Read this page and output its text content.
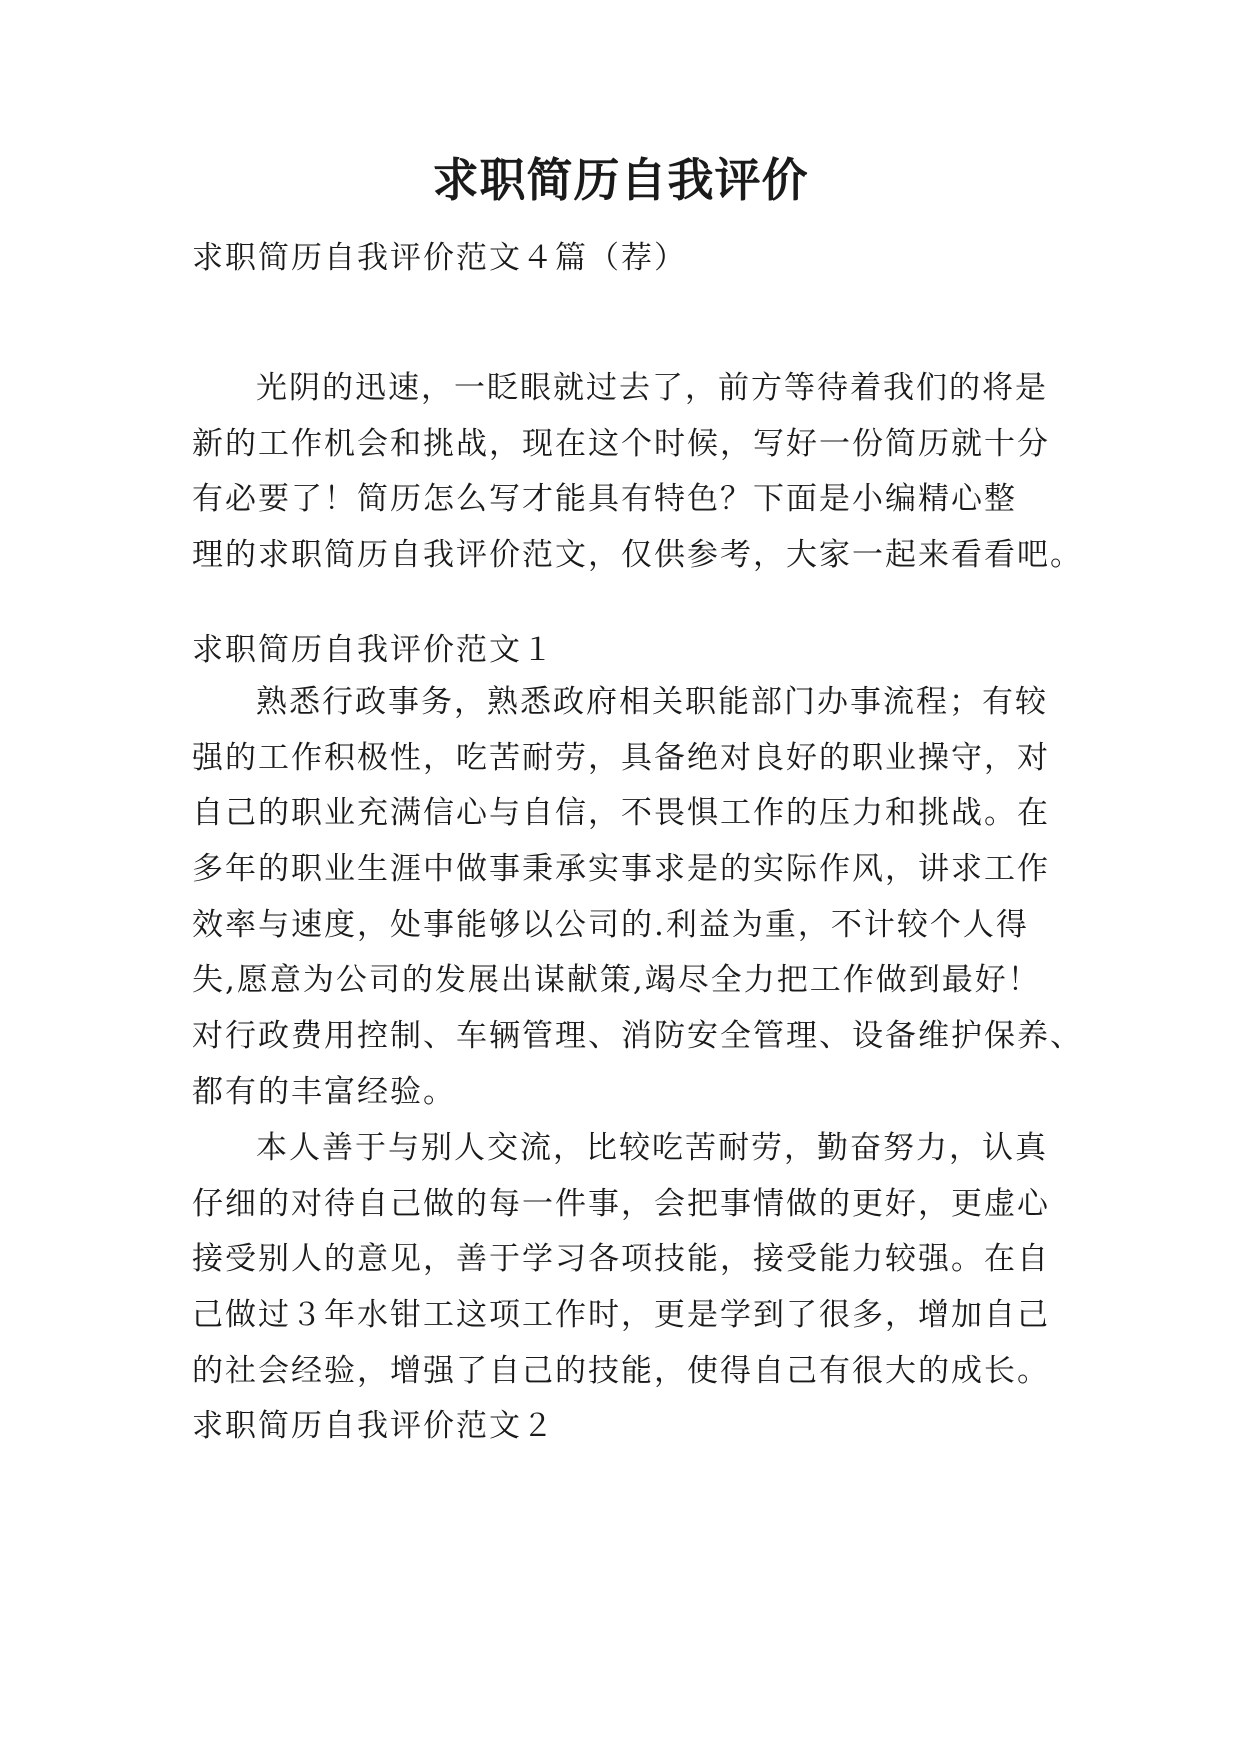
求职简历自我评价
求职简历自我评价范文４篇（荐）
光阴的迅速，一眨眼就过去了，前方等待着我们的将是
新的工作机会和挑战，现在这个时候，写好一份简历就十分
有必要了！简历怎么写才能具有特色？下面是小编精心整
理的求职简历自我评价范文，仅供参考，大家一起来看看吧。
求职简历自我评价范文１
熟悉行政事务，熟悉政府相关职能部门办事流程；有较
强的工作积极性，吃苦耐劳，具备绝对良好的职业操守，对
自己的职业充满信心与自信，不畏惧工作的压力和挑战。在
多年的职业生涯中做事秉承实事求是的实际作风，讲求工作
效率与速度，处事能够以公司的.利益为重，不计较个人得
失,愿意为公司的发展出谋献策,竭尽全力把工作做到最好！
对行政费用控制、车辆管理、消防安全管理、设备维护保养、
都有的丰富经验。
本人善于与别人交流，比较吃苦耐劳，勤奋努力，认真
仔细的对待自己做的每一件事，会把事情做的更好，更虚心
接受别人的意见，善于学习各项技能，接受能力较强。在自
己做过３年水钳工这项工作时，更是学到了很多，增加自己
的社会经验，增强了自己的技能，使得自己有很大的成长。
求职简历自我评价范文２
